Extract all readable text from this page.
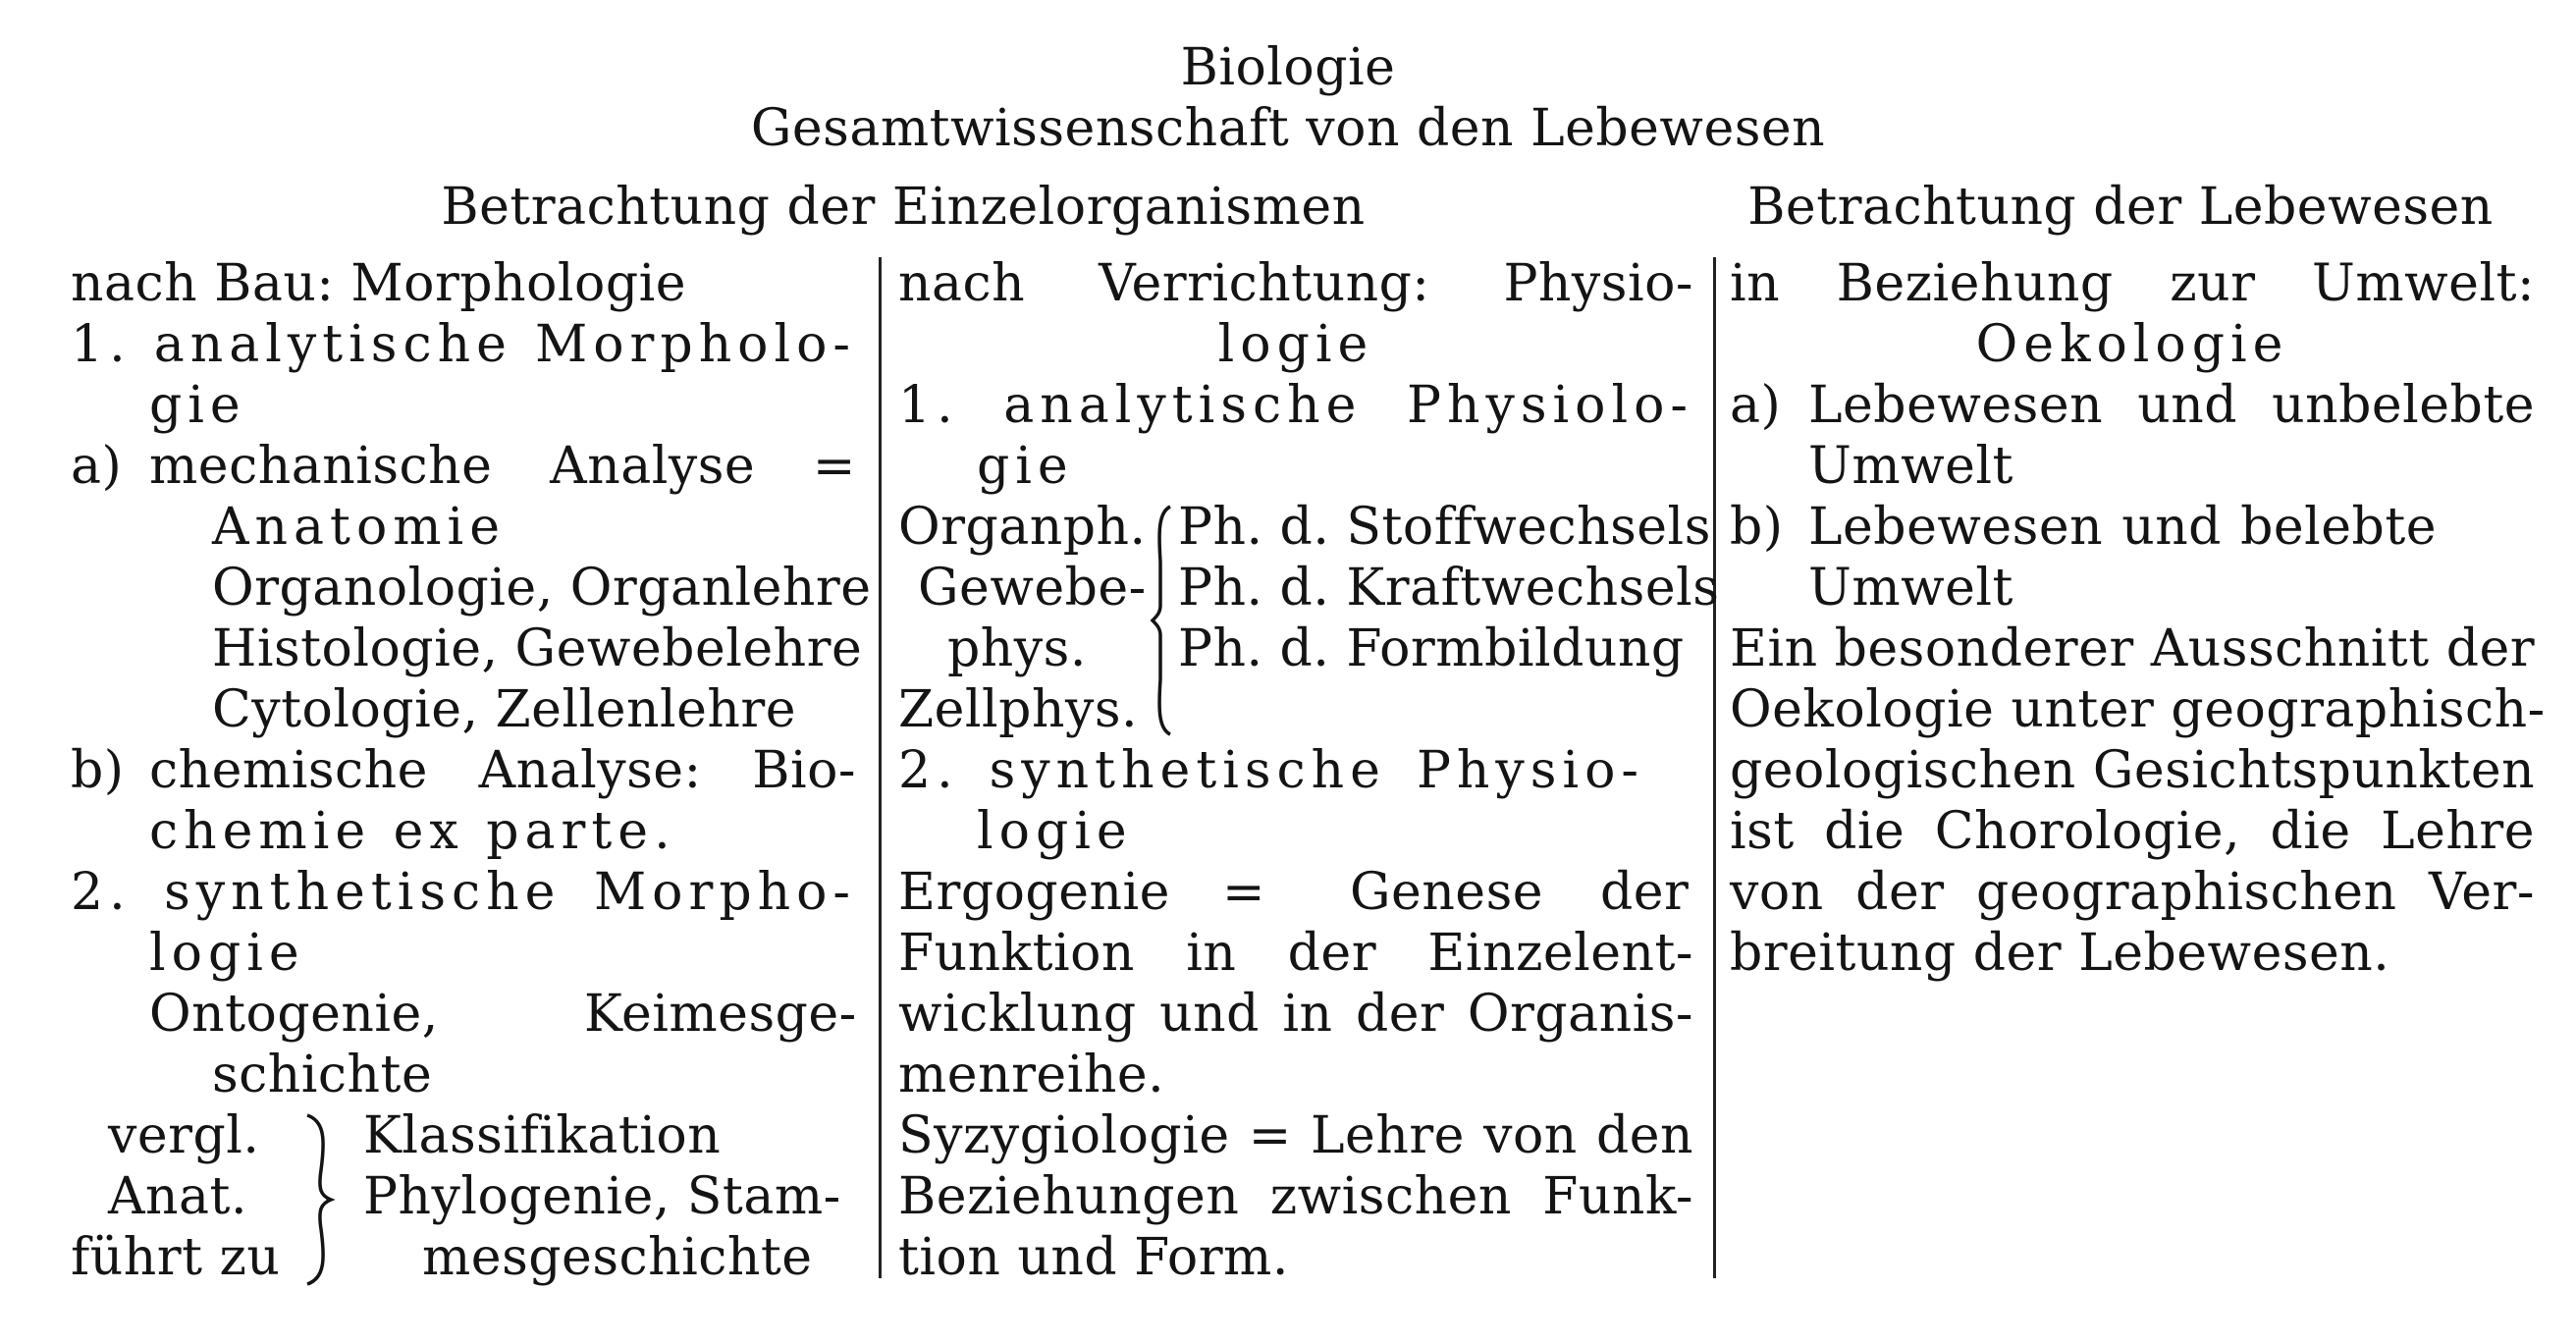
Biologie
Gesamtwissenschaft von den Lebewesen
Betrachtung der Einzelorganismen	Betrachtung der Lebewesen
nach Bau: Morphologie
1. analytische Morpholo-
gie
a) mechanische Analyse =
Anatomie
Organologie, Organlehre
Histologie, Gewebelehre
Cytologie, Zellenlehre
b) chemische Analyse: Bio-
chemie ex parte.
2. synthetische Morpho-
logie
Ontogenie,	Keimesge-
schichte
vergl.
Anat.
führt zu
Klassifikation
Phylogenie, Stam-
mesgeschichte
nach Verrichtung: Physio-
logie
1. analytische Physiolo-
gie
Organph.
Gewebe-
phys.
Zellphys.
Ph. d. Stoffwechsels
Ph. d. Kraftwechsels
Ph. d. Formbildung
2. synthetische Physio-
logie
Ergogenie = Genese der
Funktion in der Einzelent-
wicklung und in der Organis-
menreihe.
Syzygiologie = Lehre von den
Beziehungen zwischen Funk-
tion und Form.
in Beziehung zur Umwelt:
Oekologie
a) Lebewesen und unbelebte
Umwelt
b) Lebewesen und belebte
Umwelt
Ein besonderer Ausschnitt der
Oekologie unter geographisch-
geologischen Gesichtspunkten
ist die Chorologie, die Lehre
von der geographischen Ver-
breitung der Lebewesen.
